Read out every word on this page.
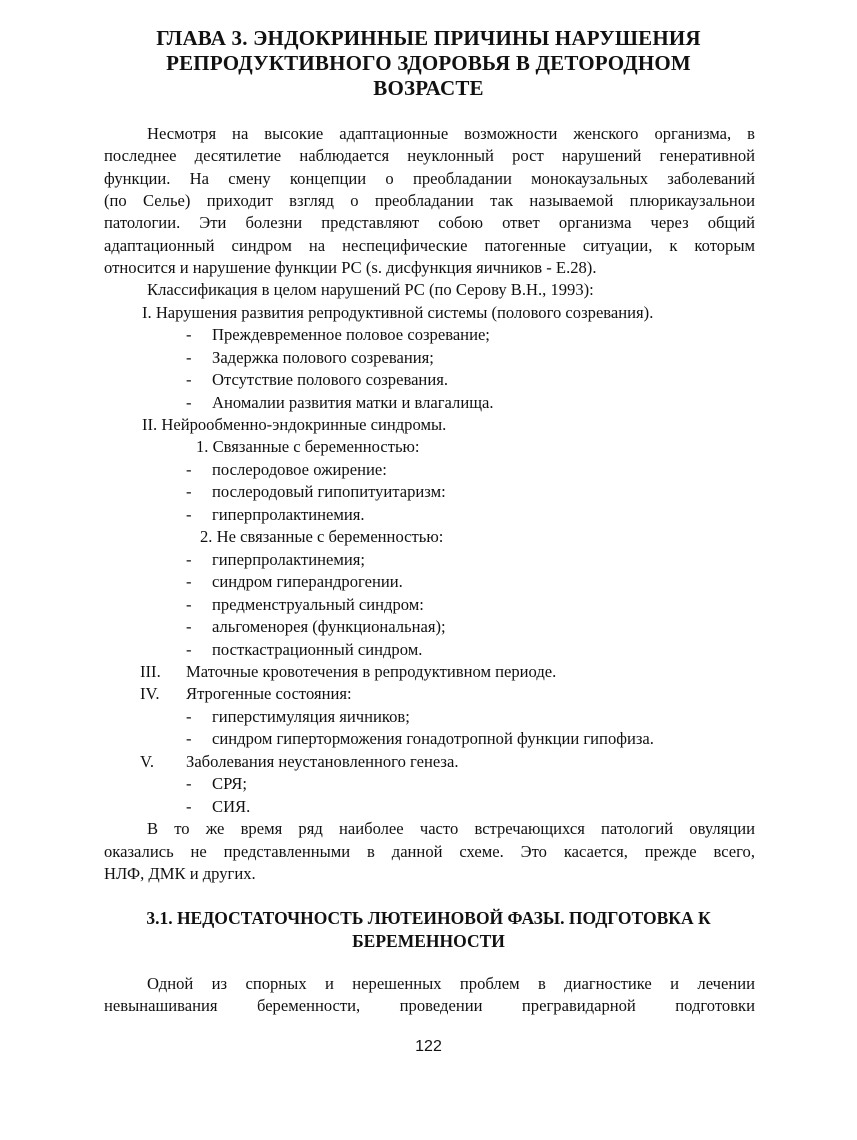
ГЛАВА 3. ЭНДОКРИННЫЕ ПРИЧИНЫ НАРУШЕНИЯ
РЕПРОДУКТИВНОГО ЗДОРОВЬЯ В ДЕТОРОДНОМ
ВОЗРАСТЕ
Несмотря на высокие адаптационные возможности женского организма, в
последнее десятилетие наблюдается неуклонный рост нарушений генеративной
функции. На смену концепции о преобладании монокаузальных заболеваний
(по Селье) приходит взгляд о преобладании так называемой плюрикаузальнои
патологии. Эти болезни представляют собою ответ организма через общий
адаптационный синдром на неспецифические патогенные ситуации, к которым
относится и нарушение функции РС (s. дисфункция яичников - Е.28).
Классификация в целом нарушений РС (по Серову В.Н., 1993):
I. Нарушения развития репродуктивной системы (полового созревания).
- Преждевременное половое созревание;
- Задержка полового созревания;
- Отсутствие полового созревания.
- Аномалии развития матки и влагалища.
II. Нейрообменно-эндокринные синдромы.
1. Связанные с беременностью:
- послеродовое ожирение:
- послеродовый гипопитуитаризм:
- гиперпролактинемия.
2. Не связанные с беременностью:
- гиперпролактинемия;
- синдром гиперандрогении.
- предменструальный синдром:
- альгоменорея (функциональная);
- посткастрационный синдром.
III. Маточные кровотечения в репродуктивном периоде.
IV. Ятрогенные состояния:
- гиперстимуляция яичников;
- синдром гиперторможения гонадотропной функции гипофиза.
V. Заболевания неустановленного генеза.
- СРЯ;
- СИЯ.
В то же время ряд наиболее часто встречающихся патологий овуляции
оказались не представленными в данной схеме. Это касается, прежде всего,
НЛФ, ДМК и других.
3.1. НЕДОСТАТОЧНОСТЬ ЛЮТЕИНОВОЙ ФАЗЫ. ПОДГОТОВКА К
БЕРЕМЕННОСТИ
Одной из спорных и нерешенных проблем в диагностике и лечении
невынашивания беременности, проведении прегравидарной подготовки
122
